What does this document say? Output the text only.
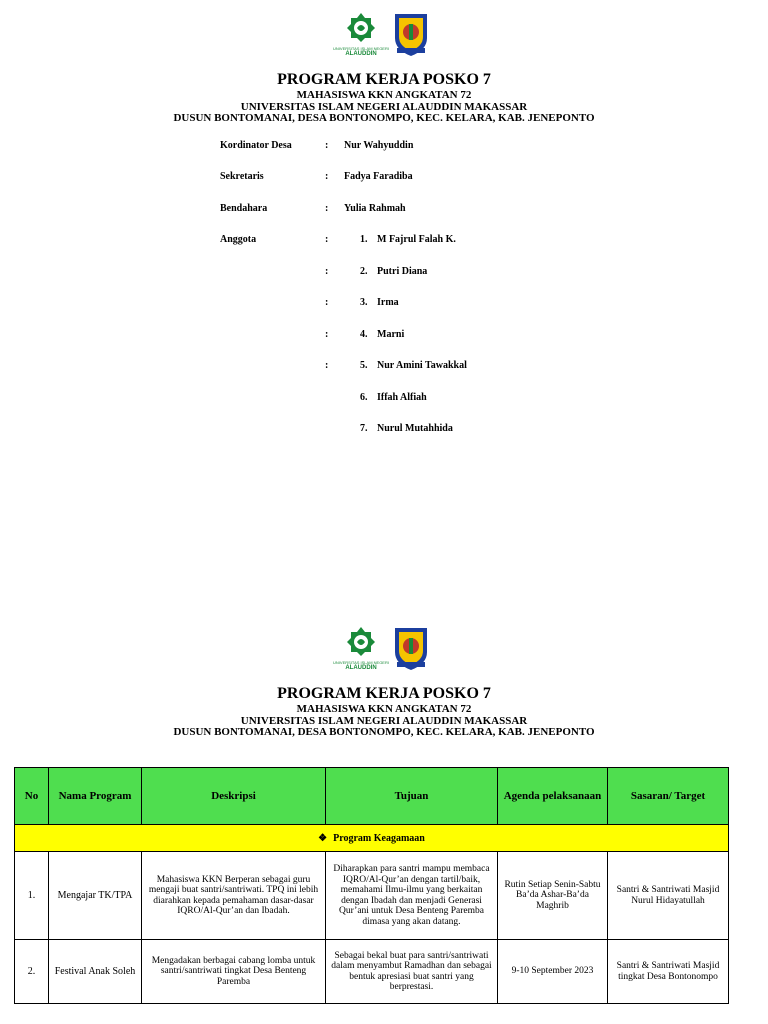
UNIVERSITAS ISLAM NEGERI
ALAUDDIN
PROGRAM KERJA POSKO 7
MAHASISWA KKN ANGKATAN 72
UNIVERSITAS ISLAM NEGERI ALAUDDIN MAKASSAR
DUSUN BONTOMANAI, DESA BONTONOMPO, KEC. KELARA, KAB. JENEPONTO
Kordinator Desa	: Nur Wahyuddin
Sekretaris	: Fadya Faradiba
Bendahara	: Yulia Rahmah
Anggota	:	1. M Fajrul Falah K.
:	2. Putri Diana
:	3. Irma
:	4. Marni
:	5. Nur Amini Tawakkal
6. Iffah Alfiah
7. Nurul Mutahhida
UNIVERSITAS ISLAM NEGERI
ALAUDDIN
PROGRAM KERJA POSKO 7
MAHASISWA KKN ANGKATAN 72
UNIVERSITAS ISLAM NEGERI ALAUDDIN MAKASSAR
DUSUN BONTOMANAI, DESA BONTONOMPO, KEC. KELARA, KAB. JENEPONTO
No	Nama Program	Deskripsi	Tujuan	Agenda pelaksanaan	Sasaran/ Target
❖ Program Keagamaan					
1.	Mengajar TK/TPA	Mahasiswa KKN Berperan sebagai guru mengaji buat santri/santriwati. TPQ ini lebih diarahkan kepada pemahaman dasar-dasar IQRO/Al-Qur’an dan Ibadah.	Diharapkan para santri mampu membaca IQRO/Al-Qur’an dengan tartil/baik, memahami Ilmu-ilmu yang berkaitan dengan Ibadah dan menjadi Generasi Qur’ani untuk Desa Benteng Paremba dimasa yang akan datang.	Rutin Setiap Senin-Sabtu Ba’da Ashar-Ba’da Maghrib	Santri & Santriwati Masjid Nurul Hidayatullah
2.	Festival Anak Soleh	Mengadakan berbagai cabang lomba untuk santri/santriwati tingkat Desa Benteng Paremba	Sebagai bekal buat para santri/santriwati dalam menyambut Ramadhan dan sebagai bentuk apresiasi buat santri yang berprestasi.	9-10 September 2023	Santri & Santriwati Masjid tingkat Desa Bontonompo
